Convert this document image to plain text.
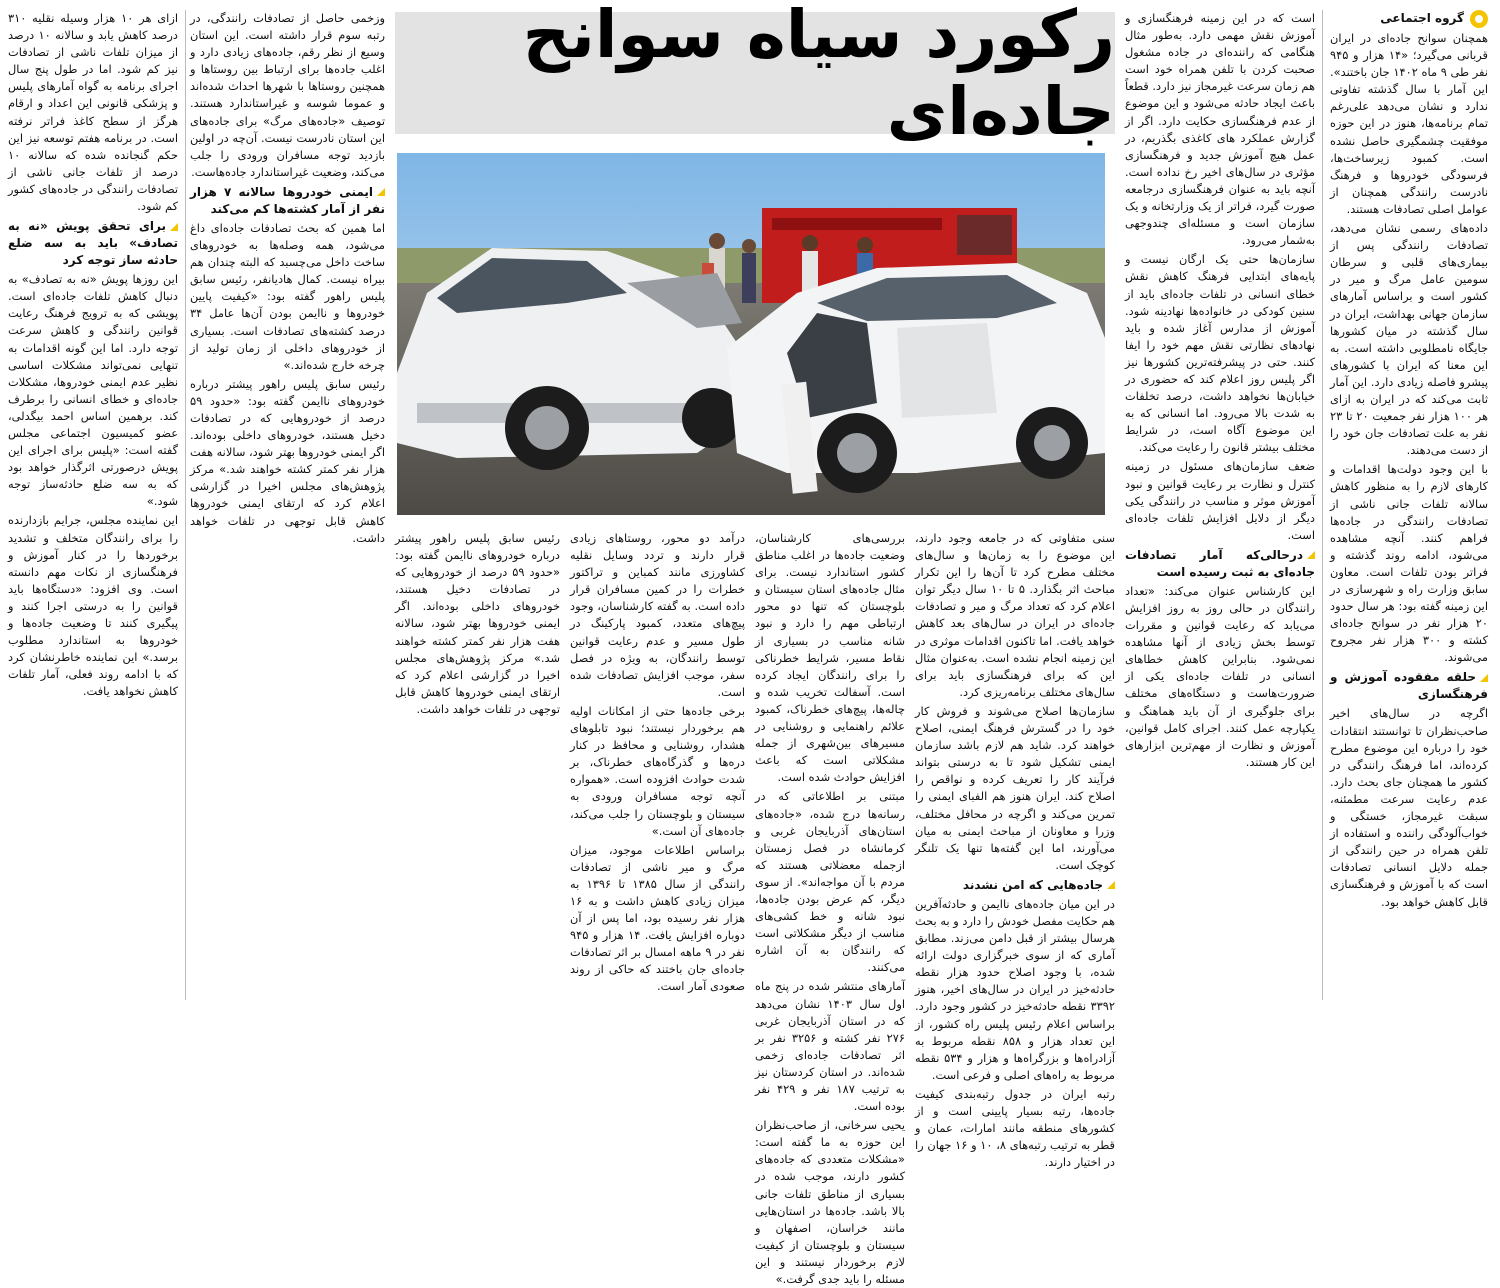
رکورد سیاه سوانح جاده‌ای
گروه اجتماعی

همچنان سوانح جاده‌ای در ایران قربانی می‌گیرد؛ «۱۴ هزار و ۹۴۵ نفر طی ۹ ماه ۱۴۰۲ جان باختند». این آمار با سال گذشته تفاوتی ندارد و نشان می‌دهد علی‌رغم تمام برنامه‌ها، هنوز در این حوزه موفقیت چشمگیری حاصل نشده است. کمبود زیرساخت‌ها، فرسودگی خودروها و فرهنگ نادرست رانندگی همچنان از عوامل اصلی تصادفات هستند.

داده‌های رسمی نشان می‌دهد، تصادفات رانندگی پس از بیماری‌های قلبی و سرطان سومین عامل مرگ و میر در کشور است و براساس آمارهای سازمان جهانی بهداشت، ایران در سال گذشته در میان کشورها جایگاه نامطلوبی داشته است. به این معنا که ایران با کشورهای پیشرو فاصله زیادی دارد. این آمار ثابت می‌کند که در ایران به ازای هر ۱۰۰ هزار نفر جمعیت ۲۰ تا ۲۳ نفر به علت تصادفات جان خود را از دست می‌دهند.

با این وجود دولت‌ها اقدامات و کارهای لازم را به منظور کاهش سالانه تلفات جانی ناشی از تصادفات رانندگی در جاده‌ها فراهم کنند. آنچه مشاهده می‌شود، ادامه روند گذشته و فراتر بودن تلفات است. معاون سابق وزارت راه و شهرسازی در این زمینه گفته بود: هر سال حدود ۲۰ هزار نفر در سوانح جاده‌ای کشته و ۳۰۰ هزار نفر مجروح می‌شوند.

حلقه مفقوده آموزش و فرهنگسازی

اگرچه در سال‌های اخیر صاحب‌نظران تا توانستند انتقادات خود را درباره این موضوع مطرح کرده‌اند، اما فرهنگ رانندگی در کشور ما همچنان جای بحث دارد. عدم رعایت سرعت مطمئنه، سبقت غیرمجاز، خستگی و خواب‌آلودگی راننده و استفاده از تلفن همراه در حین رانندگی از جمله دلایل انسانی تصادفات است که با آموزش و فرهنگسازی قابل کاهش خواهد بود.

است که در این زمینه فرهنگسازی و آموزش نقش مهمی دارد. به‌طور مثال هنگامی که راننده‌ای در جاده مشغول صحبت کردن با تلفن همراه خود است هم زمان سرعت غیرمجاز نیز دارد. قطعاً باعث ایجاد حادثه می‌شود و این موضوع از عدم فرهنگسازی حکایت دارد. اگر از گزارش عملکرد های کاغذی بگذریم، در عمل هیچ آموزش جدید و فرهنگسازی مؤثری در سال‌های اخیر رخ نداده است. آنچه باید به عنوان فرهنگسازی درجامعه صورت گیرد، فراتر از یک وزارتخانه و یک سازمان است و مسئله‌ای چندوجهی به‌شمار می‌رود.

سازمان‌ها حتی یک ارگان نیست و پایه‌های ابتدایی فرهنگ کاهش نقش خطای انسانی در تلفات جاده‌ای باید از سنین کودکی در خانواده‌ها نهادینه شود. آموزش از مدارس آغاز شده و باید نهادهای نظارتی نقش مهم خود را ایفا کنند. حتی در پیشرفته‌ترین کشورها نیز اگر پلیس روز اعلام کند که حضوری در خیابان‌ها نخواهد داشت، درصد تخلفات به شدت بالا می‌رود. اما انسانی که به این موضوع آگاه است، در شرایط مختلف بیشتر قانون را رعایت می‌کند.

ضعف سازمان‌های مسئول در زمینه کنترل و نظارت بر رعایت قوانین و نبود آموزش موثر و مناسب در رانندگی یکی دیگر از دلایل افزایش تلفات جاده‌ای است.

درحالی‌که آمار تصادفات جاده‌ای به ثبت رسیده است

این کارشناس عنوان می‌کند: «تعداد رانندگان در حالی روز به روز افزایش می‌یابد که رعایت قوانین و مقررات توسط بخش زیادی از آنها مشاهده نمی‌شود. بنابراین کاهش خطاهای انسانی در تلفات جاده‌ای یکی از ضرورت‌هاست و دستگاه‌های مختلف برای جلوگیری از آن باید هماهنگ و یکپارچه عمل کنند. اجرای کامل قوانین، آموزش و نظارت از مهم‌ترین ابزارهای این کار هستند.

سنی متفاوتی که در جامعه وجود دارند، این موضوع را به زمان‌ها و سال‌های مختلف مطرح کرد تا آن‌ها را این تکرار مباحث اثر بگذارد. ۵ تا ۱۰ سال دیگر توان اعلام کرد که تعداد مرگ و میر و تصادفات جاده‌ای در ایران در سال‌های بعد کاهش خواهد یافت. اما تاکنون اقدامات موثری در این زمینه انجام نشده است. به‌عنوان مثال این که برای فرهنگسازی باید برای سال‌های مختلف برنامه‌ریزی کرد.

سازمان‌ها اصلاح می‌شوند و فروش کار خود را در گسترش فرهنگ ایمنی، اصلاح خواهند کرد. شاید هم لازم باشد سازمان ایمنی تشکیل شود تا به درستی بتواند فرآیند کار را تعریف کرده و نواقص را اصلاح کند. ایران هنوز هم الفبای ایمنی را تمرین می‌کند و اگرچه در محافل مختلف، وزرا و معاونان از مباحث ایمنی به میان می‌آورند، اما این گفته‌ها تنها یک تلنگر کوچک است.

جاده‌هایی که امن نشدند

در این میان جاده‌های ناایمن و حادثه‌آفرین هم حکایت مفصل خودش را دارد و به بحث هرسال بیشتر از قبل دامن می‌زند. مطابق آماری که از سوی خبرگزاری دولت ارائه شده، با وجود اصلاح حدود هزار نقطه حادثه‌خیز در ایران در سال‌های اخیر، هنوز ۳۳۹۲ نقطه حادثه‌خیز در کشور وجود دارد. براساس اعلام رئیس پلیس راه کشور، از این تعداد هزار و ۸۵۸ نقطه مربوط به آزادراه‌ها و بزرگراه‌ها و هزار و ۵۳۴ نقطه مربوط به راه‌های اصلی و فرعی است.

رتبه ایران در جدول رتبه‌بندی کیفیت جاده‌ها، رتبه بسیار پایینی است و از کشورهای منطقه مانند امارات، عمان و قطر به ترتیب رتبه‌های ۸، ۱۰ و ۱۶ جهان را در اختیار دارند.

بررسی‌های کارشناسان، وضعیت جاده‌ها در اغلب مناطق کشور استاندارد نیست. برای مثال جاده‌های استان سیستان و بلوچستان که تنها دو محور ارتباطی مهم را دارد و نبود شانه مناسب در بسیاری از نقاط مسیر، شرایط خطرناکی را برای رانندگان ایجاد کرده است. آسفالت تخریب شده و چاله‌ها، پیچ‌های خطرناک، کمبود علائم راهنمایی و روشنایی در مسیرهای بین‌شهری از جمله مشکلاتی است که باعث افزایش حوادث شده است.

مبتنی بر اطلاعاتی که در رسانه‌ها درج شده، «جاده‌های استان‌های آذربایجان غربی و کرمانشاه در فصل زمستان ازجمله معضلاتی هستند که مردم با آن مواجه‌اند». از سوی دیگر، کم عرض بودن جاده‌ها، نبود شانه و خط کشی‌های مناسب از دیگر مشکلاتی است که رانندگان به آن اشاره می‌کنند.

آمارهای منتشر شده در پنج ماه اول سال ۱۴۰۳ نشان می‌دهد که در استان آذربایجان غربی ۲۷۶ نفر کشته و ۳۲۵۶ نفر بر اثر تصادفات جاده‌ای زخمی شده‌اند. در استان کردستان نیز به ترتیب ۱۸۷ نفر و ۴۲۹ نفر بوده است.

یحیی سرخانی، از صاحب‌نظران این حوزه به ما گفته است: «مشکلات متعددی که جاده‌های کشور دارند، موجب شده در بسیاری از مناطق تلفات جانی بالا باشد. جاده‌ها در استان‌هایی مانند خراسان، اصفهان و سیستان و بلوچستان از کیفیت لازم برخوردار نیستند و این مسئله را باید جدی گرفت.»

درآمد دو محور، روستاهای زیادی قرار دارند و تردد وسایل نقلیه کشاورزی مانند کمباین و تراکتور خطرات را در کمین مسافران قرار داده است. به گفته کارشناسان، وجود پیچ‌های متعدد، کمبود پارکینگ در طول مسیر و عدم رعایت قوانین توسط رانندگان، به ویژه در فصل سفر، موجب افزایش تصادفات شده است.

برخی جاده‌ها حتی از امکانات اولیه هم برخوردار نیستند؛ نبود تابلوهای هشدار، روشنایی و محافظ در کنار دره‌ها و گذرگاه‌های خطرناک، بر شدت حوادث افزوده است. «همواره آنچه توجه مسافران ورودی به سیستان و بلوچستان را جلب می‌کند، جاده‌های آن است.»

براساس اطلاعات موجود، میزان مرگ و میر ناشی از تصادفات رانندگی از سال ۱۳۸۵ تا ۱۳۹۶ به میزان زیادی کاهش داشت و به ۱۶ هزار نفر رسیده بود، اما پس از آن دوباره افزایش یافت. ۱۴ هزار و ۹۴۵ نفر در ۹ ماهه امسال بر اثر تصادفات جاده‌ای جان باختند که حاکی از روند صعودی آمار است.

وزخمی حاصل از تصادفات رانندگی، در رتبه سوم قرار داشته است. این استان وسیع از نظر رقم، جاده‌های زیادی دارد و اغلب جاده‌ها برای ارتباط بین روستاها و همچنین روستاها با شهرها احداث شده‌اند و عموما شوسه و غیراستاندارد هستند. توصیف «جاده‌های مرگ» برای جاده‌های این استان نادرست نیست. آن‌چه در اولین بازدید توجه مسافران ورودی را جلب می‌کند، وضعیت غیراستاندارد جاده‌هاست.

ایمنی خودروها سالانه ۷ هزار نفر از آمار کشته‌ها کم می‌کند

اما همین که بحث تصادفات جاده‌ای داغ می‌شود، همه وصله‌ها به خودروهای ساخت داخل می‌چسبد که البته چندان هم بیراه نیست. کمال هادیانفر، رئیس سابق پلیس راهور گفته بود: «کیفیت پایین خودروها و ناایمن بودن آن‌ها عامل ۳۴ درصد کشته‌های تصادفات است. بسیاری از خودروهای داخلی از زمان تولید از چرخه خارج شده‌اند.»

رئیس سابق پلیس راهور پیشتر درباره خودروهای ناایمن گفته بود: «حدود ۵۹ درصد از خودروهایی که در تصادفات دخیل هستند، خودروهای داخلی بوده‌اند. اگر ایمنی خودروها بهتر شود، سالانه هفت هزار نفر کمتر کشته خواهند شد.» مرکز پژوهش‌های مجلس اخیرا در گزارشی اعلام کرد که ارتقای ایمنی خودروها کاهش قابل توجهی در تلفات خواهد داشت.

ازای هر ۱۰ هزار وسیله نقلیه ۳۱۰ درصد کاهش یابد و سالانه ۱۰ درصد از میزان تلفات ناشی از تصادفات نیز کم شود. اما در طول پنج سال اجرای برنامه به گواه آمارهای پلیس و پزشکی قانونی این اعداد و ارقام هرگز از سطح کاغذ فراتر نرفته است. در برنامه هفتم توسعه نیز این حکم گنجانده شده که سالانه ۱۰ درصد از تلفات جانی ناشی از تصادفات رانندگی در جاده‌های کشور کم شود.

برای تحقق پویش «نه به تصادف» باید به سه ضلع حادثه ساز توجه کرد

این روزها پویش «نه به تصادف» به دنبال کاهش تلفات جاده‌ای است. پویشی که به ترویج فرهنگ رعایت قوانین رانندگی و کاهش سرعت توجه دارد. اما این گونه اقدامات به تنهایی نمی‌تواند مشکلات اساسی نظیر عدم ایمنی خودروها، مشکلات جاده‌ای و خطای انسانی را برطرف کند. برهمین اساس احمد بیگدلی، عضو کمیسیون اجتماعی مجلس گفته است: «پلیس برای اجرای این پویش درصورتی اثرگذار خواهد بود که به سه ضلع حادثه‌ساز توجه شود.»

این نماینده مجلس، جرایم بازدارنده را برای رانندگان متخلف و تشدید برخوردها را در کنار آموزش و فرهنگسازی از نکات مهم دانسته است. وی افزود: «دستگاه‌ها باید قوانین را به درستی اجرا کنند و پیگیری کنند تا وضعیت جاده‌ها و خودروها به استاندارد مطلوب برسد.» این نماینده خاطرنشان کرد که با ادامه روند فعلی، آمار تلفات کاهش نخواهد یافت.

رئیس سابق پلیس راهور پیشتر درباره خودروهای ناایمن گفته بود: «حدود ۵۹ درصد از خودروهایی که در تصادفات دخیل هستند، خودروهای داخلی بوده‌اند. اگر ایمنی خودروها بهتر شود، سالانه هفت هزار نفر کمتر کشته خواهند شد.» مرکز پژوهش‌های مجلس اخیرا در گزارشی اعلام کرد که ارتقای ایمنی خودروها کاهش قابل توجهی در تلفات خواهد داشت.
